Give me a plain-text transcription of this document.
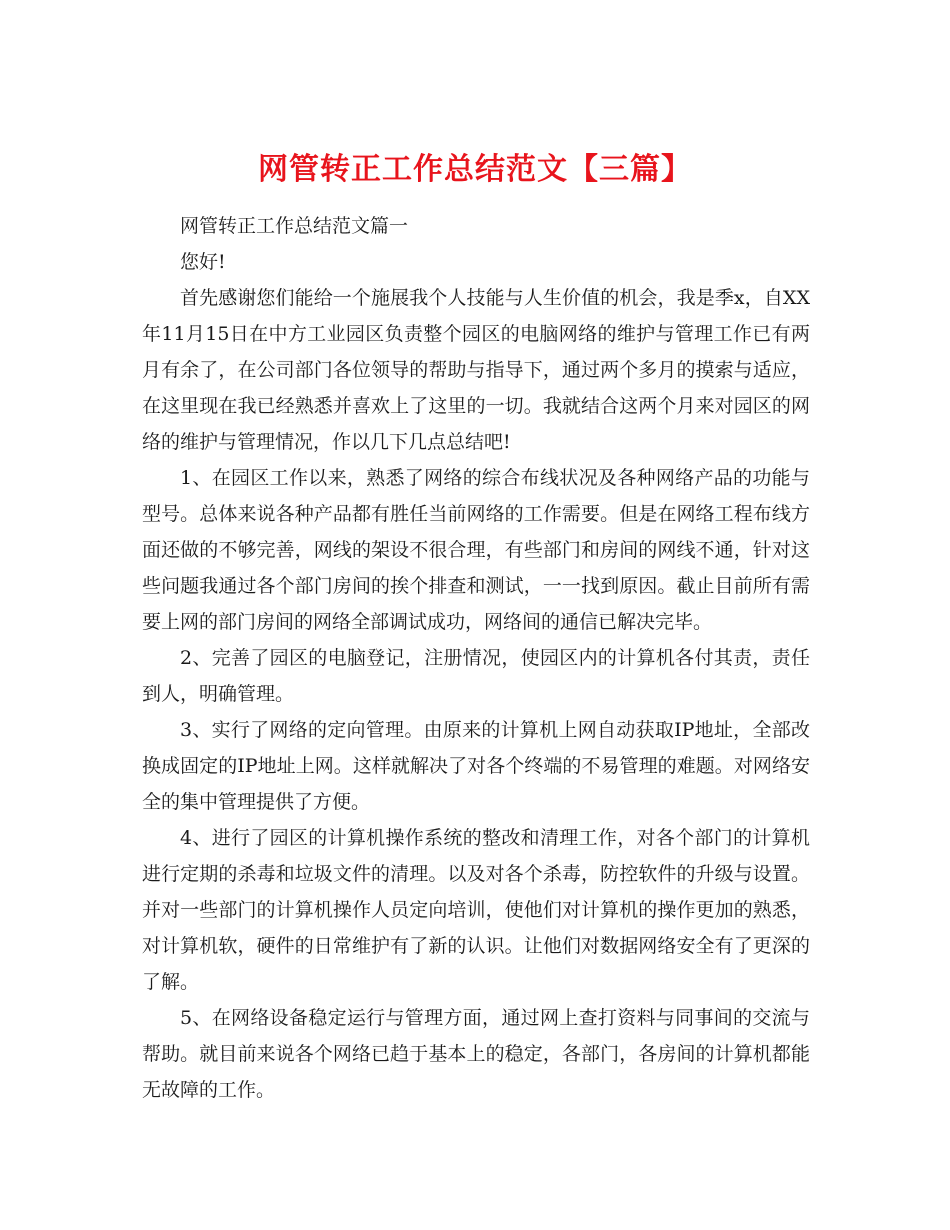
网管转正工作总结范文【三篇】

网管转正工作总结范文篇一

您好!

首先感谢您们能给一个施展我个人技能与人生价值的机会，我是季x，自XX年11月15日在中方工业园区负责整个园区的电脑网络的维护与管理工作已有两月有余了，在公司部门各位领导的帮助与指导下，通过两个多月的摸索与适应，在这里现在我已经熟悉并喜欢上了这里的一切。我就结合这两个月来对园区的网络的维护与管理情况，作以几下几点总结吧!

1、在园区工作以来，熟悉了网络的综合布线状况及各种网络产品的功能与型号。总体来说各种产品都有胜任当前网络的工作需要。但是在网络工程布线方面还做的不够完善，网线的架设不很合理，有些部门和房间的网线不通，针对这些问题我通过各个部门房间的挨个排查和测试，一一找到原因。截止目前所有需要上网的部门房间的网络全部调试成功，网络间的通信已解决完毕。

2、完善了园区的电脑登记，注册情况，使园区内的计算机各付其责，责任到人，明确管理。

3、实行了网络的定向管理。由原来的计算机上网自动获取IP地址，全部改换成固定的IP地址上网。这样就解决了对各个终端的不易管理的难题。对网络安全的集中管理提供了方便。

4、进行了园区的计算机操作系统的整改和清理工作，对各个部门的计算机进行定期的杀毒和垃圾文件的清理。以及对各个杀毒，防控软件的升级与设置。并对一些部门的计算机操作人员定向培训，使他们对计算机的操作更加的熟悉，对计算机软，硬件的日常维护有了新的认识。让他们对数据网络安全有了更深的了解。

5、在网络设备稳定运行与管理方面，通过网上查打资料与同事间的交流与帮助。就目前来说各个网络已趋于基本上的稳定，各部门，各房间的计算机都能无故障的工作。
